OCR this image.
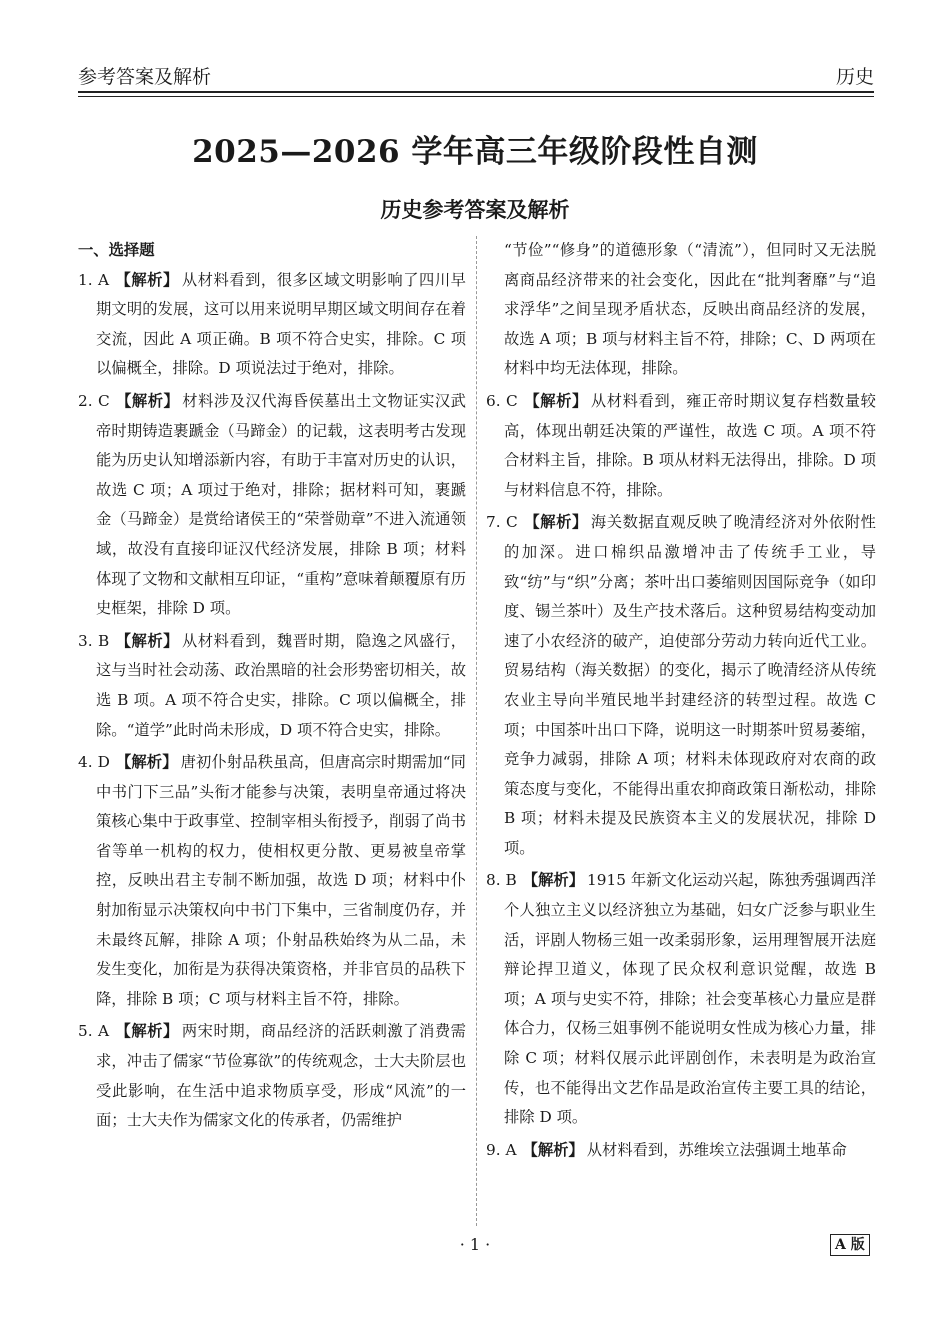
参考答案及解析	历史
2025—2026 学年高三年级阶段性自测
历史参考答案及解析
一、选择题

1. A 【解析】 从材料看到，很多区域文明影响了四川早期文明的发展，这可以用来说明早期区域文明间存在着交流，因此 A 项正确。B 项不符合史实，排除。C 项以偏概全，排除。D 项说法过于绝对，排除。

2. C 【解析】 材料涉及汉代海昏侯墓出土文物证实汉武帝时期铸造裹蹏金（马蹄金）的记载，这表明考古发现能为历史认知增添新内容，有助于丰富对历史的认识，故选 C 项；A 项过于绝对，排除；据材料可知，裹蹏金（马蹄金）是赏给诸侯王的“荣誉勋章”不进入流通领域，故没有直接印证汉代经济发展，排除 B 项；材料体现了文物和文献相互印证，“重构”意味着颠覆原有历史框架，排除 D 项。

3. B 【解析】 从材料看到，魏晋时期，隐逸之风盛行，这与当时社会动荡、政治黑暗的社会形势密切相关，故选 B 项。A 项不符合史实，排除。C 项以偏概全，排除。“道学”此时尚未形成，D 项不符合史实，排除。

4. D 【解析】 唐初仆射品秩虽高，但唐高宗时期需加“同中书门下三品”头衔才能参与决策，表明皇帝通过将决策核心集中于政事堂、控制宰相头衔授予，削弱了尚书省等单一机构的权力，使相权更分散、更易被皇帝掌控，反映出君主专制不断加强，故选 D 项；材料中仆射加衔显示决策权向中书门下集中，三省制度仍存，并未最终瓦解，排除 A 项；仆射品秩始终为从二品，未发生变化，加衔是为获得决策资格，并非官员的品秩下降，排除 B 项；C 项与材料主旨不符，排除。

5. A 【解析】 两宋时期，商品经济的活跃刺激了消费需求，冲击了儒家“节俭寡欲”的传统观念，士大夫阶层也受此影响，在生活中追求物质享受，形成“风流”的一面；士大夫作为儒家文化的传承者，仍需维护

“节俭”“修身”的道德形象（“清流”），但同时又无法脱离商品经济带来的社会变化，因此在“批判奢靡”与“追求浮华”之间呈现矛盾状态，反映出商品经济的发展，故选 A 项；B 项与材料主旨不符，排除；C、D 两项在材料中均无法体现，排除。

6. C 【解析】 从材料看到，雍正帝时期议复存档数量较高，体现出朝廷决策的严谨性，故选 C 项。A 项不符合材料主旨，排除。B 项从材料无法得出，排除。D 项与材料信息不符，排除。

7. C 【解析】 海关数据直观反映了晚清经济对外依附性的加深。进口棉织品激增冲击了传统手工业，导致“纺”与“织”分离；茶叶出口萎缩则因国际竞争（如印度、锡兰茶叶）及生产技术落后。这种贸易结构变动加速了小农经济的破产，迫使部分劳动力转向近代工业。贸易结构（海关数据）的变化，揭示了晚清经济从传统农业主导向半殖民地半封建经济的转型过程。故选 C 项；中国茶叶出口下降，说明这一时期茶叶贸易萎缩，竞争力减弱，排除 A 项；材料未体现政府对农商的政策态度与变化，不能得出重农抑商政策日渐松动，排除 B 项；材料未提及民族资本主义的发展状况，排除 D 项。

8. B 【解析】 1915 年新文化运动兴起，陈独秀强调西洋个人独立主义以经济独立为基础，妇女广泛参与职业生活，评剧人物杨三姐一改柔弱形象，运用理智展开法庭辩论捍卫道义，体现了民众权利意识觉醒，故选 B 项；A 项与史实不符，排除；社会变革核心力量应是群体合力，仅杨三姐事例不能说明女性成为核心力量，排除 C 项；材料仅展示此评剧创作，未表明是为政治宣传，也不能得出文艺作品是政治宣传主要工具的结论，排除 D 项。

9. A 【解析】 从材料看到，苏维埃立法强调土地革命

· 1 ·	A 版
